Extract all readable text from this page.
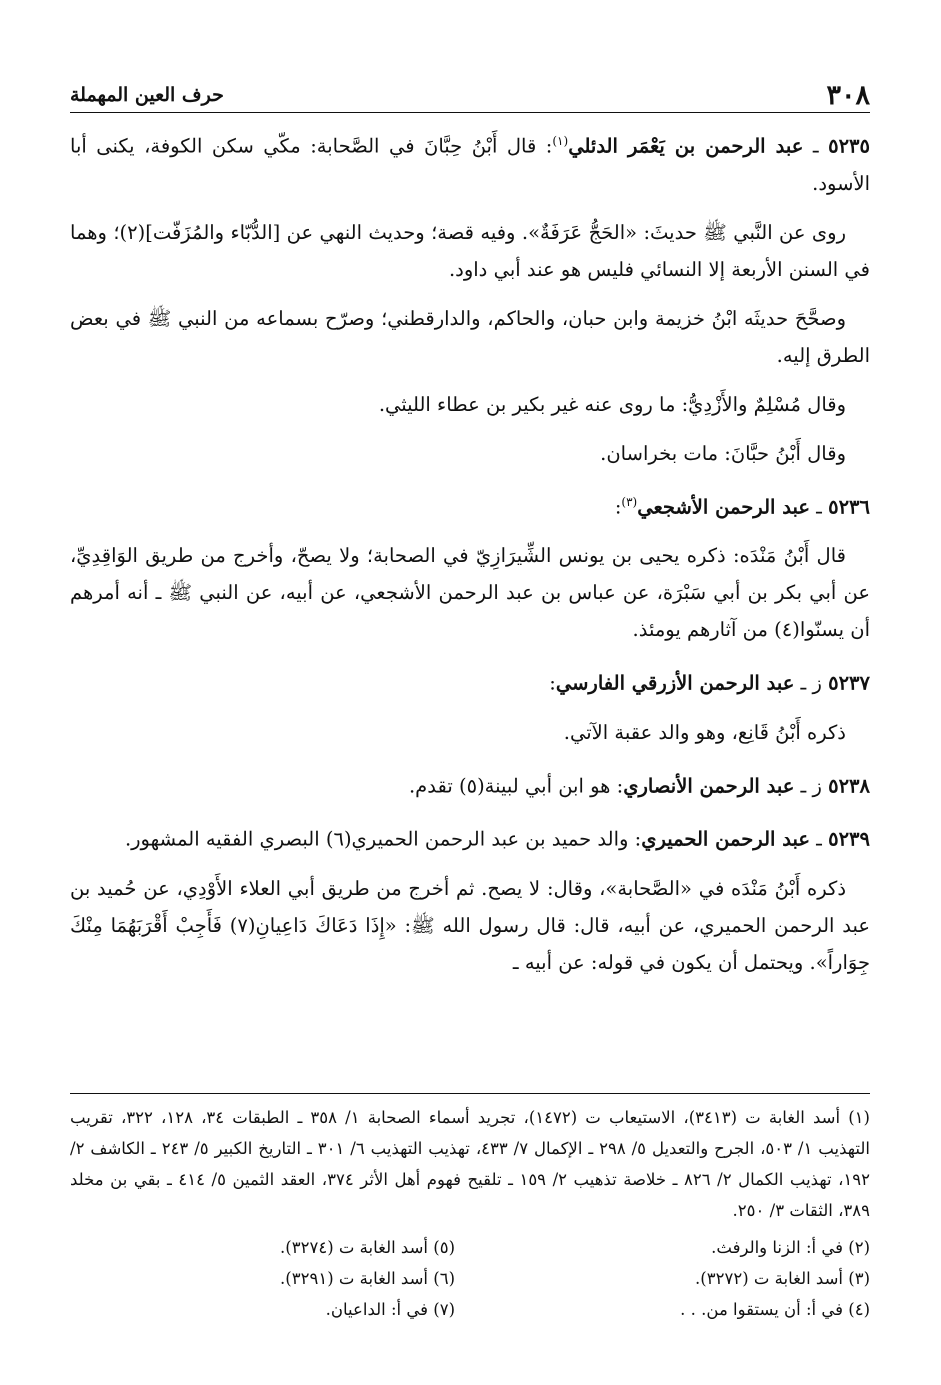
٣٠٨
حرف العين المهملة

٥٢٣٥ ـ عبد الرحمن بن يَعْمَر الدئلي$^{(١)}$: قال أَبْنُ حِبَّانَ في الصَّحابة: مكّي سكن الكوفة، يكنى أبا الأسود.

روى عن النَّبي ﷺ حديثَ: «الحَجُّ عَرَفَةٌ». وفيه قصة؛ وحديث النهي عن [الدُّبّاء والمُزَفّت](٢)؛ وهما في السنن الأربعة إلا النسائي فليس هو عند أبي داود.

وصحَّحَ حديثَه ابْنُ خزيمة وابن حبان، والحاكم، والدارقطني؛ وصرّح بسماعه من النبي ﷺ في بعض الطرق إليه.

وقال مُسْلِمٌ والأَزْدِيُّ: ما روى عنه غير بكير بن عطاء الليثي.

وقال أَبْنُ حبَّانَ: مات بخراسان.

٥٢٣٦ ـ عبد الرحمن الأشجعي$^{(٣)}$:

قال أَبْنُ مَنْدَه: ذكره يحيى بن يونس الشِّيرَازِيّ في الصحابة؛ ولا يصحّ، وأخرج من طريق الوَاقِدِيِّ، عن أبي بكر بن أبي سَبْرَة، عن عباس بن عبد الرحمن الأشجعي، عن أبيه، عن النبي ﷺ ـ أنه أمرهم أن يسنّوا(٤) من آثارهم يومئذ.

٥٢٣٧ ز ـ عبد الرحمن الأزرقي الفارسي:

ذكره أَبْنُ قَانِع، وهو والد عقبة الآتي.

٥٢٣٨ ز ـ عبد الرحمن الأنصاري: هو ابن أبي لبينة(٥) تقدم.

٥٢٣٩ ـ عبد الرحمن الحميري: والد حميد بن عبد الرحمن الحميري(٦) البصري الفقيه المشهور.

ذكره أَبْنُ مَنْدَه في «الصَّحابة»، وقال: لا يصح. ثم أخرج من طريق أبي العلاء الأَوْدِي، عن حُميد بن عبد الرحمن الحميري، عن أبيه، قال: قال رسول الله ﷺ: «إِذَا دَعَاكَ دَاعِيانِ(٧) فَأَجِبْ أَقْرَبَهُمَا مِنْكَ جِوَاراً». ويحتمل أن يكون في قوله: عن أبيه ـ

(١) أسد الغابة ت (٣٤١٣)، الاستيعاب ت (١٤٧٢)، تجريد أسماء الصحابة ١/ ٣٥٨ ـ الطبقات ٣٤، ١٢٨، ٣٢٢، تقريب التهذيب ١/ ٥٠٣، الجرح والتعديل ٥/ ٢٩٨ ـ الإكمال ٧/ ٤٣٣، تهذيب التهذيب ٦/ ٣٠١ ـ التاريخ الكبير ٥/ ٢٤٣ ـ الكاشف ٢/ ١٩٢، تهذيب الكمال ٢/ ٨٢٦ ـ خلاصة تذهيب ٢/ ١٥٩ ـ تلقيح فهوم أهل الأثر ٣٧٤، العقد الثمين ٥/ ٤١٤ ـ بقي بن مخلد ٣٨٩، الثقات ٣/ ٢٥٠.

(٢) في أ: الزنا والرفث.

(٥) أسد الغابة ت (٣٢٧٤).

(٣) أسد الغابة ت (٣٢٧٢).

(٦) أسد الغابة ت (٣٢٩١).

(٤) في أ: أن يستقوا من. . .

(٧) في أ: الداعيان.
